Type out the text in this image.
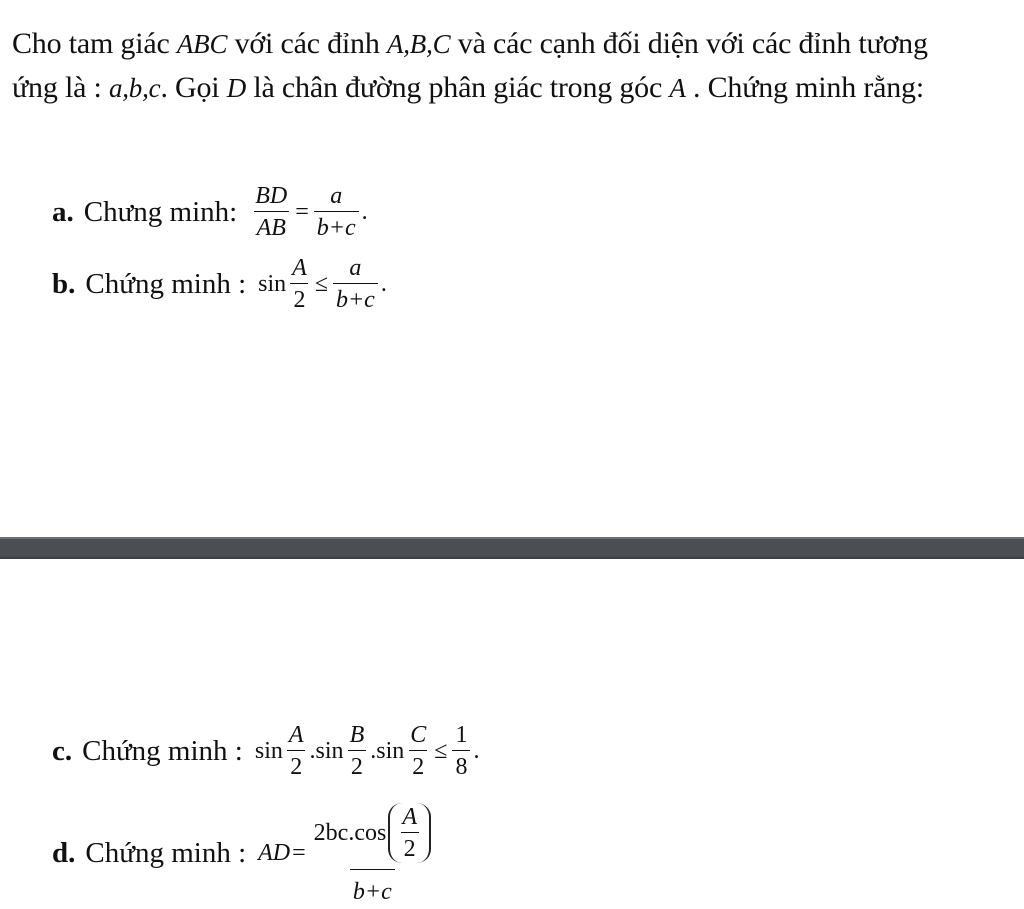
Cho tam giác ABC với các đỉnh A,B,C và các cạnh đối diện với các đỉnh tương
ứng là : a,b,c. Gọi D là chân đường phân giác trong góc A . Chứng minh rằng:
a. Chưng minh: $\frac{BD}{AB} = \frac{a}{b+c}$ .
b. Chứng minh : $\sin \frac{A}{2} \le \frac{a}{b+c}$ .
c. Chứng minh : $\sin \frac{A}{2}$ . $\sin \frac{B}{2}$ . $\sin \frac{C}{2} \le \frac{1}{8}$ .
d. Chứng minh : AD =
$2bc.\cos \frac{A}{2}$
b+c
